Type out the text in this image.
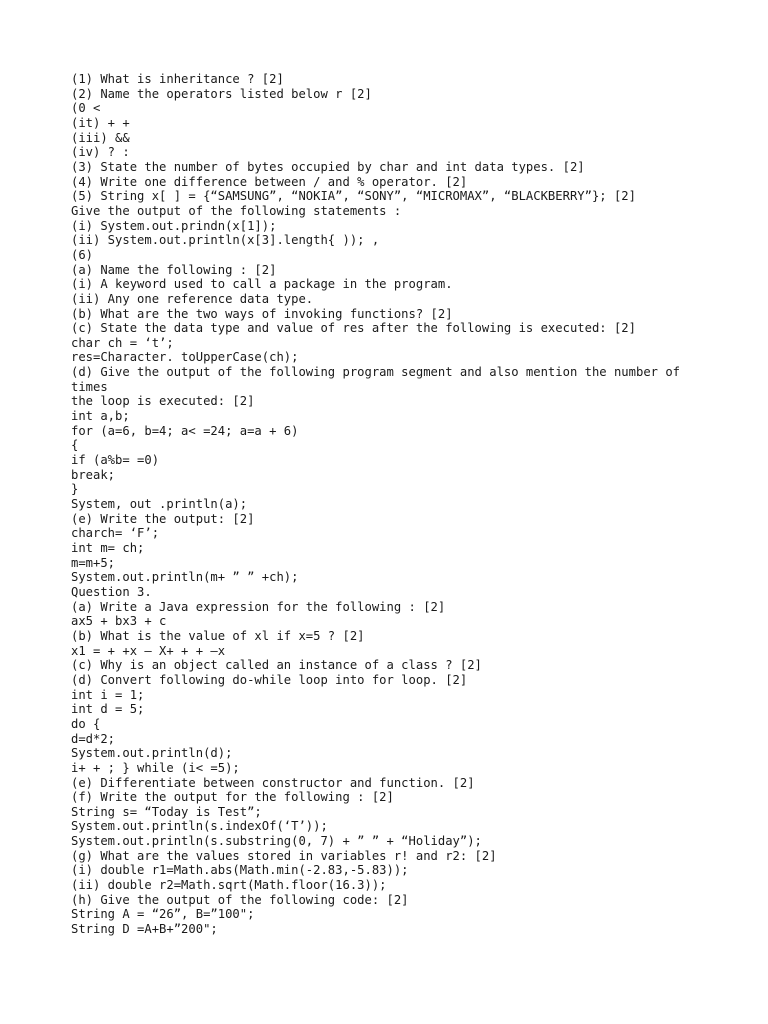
(1) What is inheritance ? [2]
(2) Name the operators listed below r [2]
(0 <
(it) + +
(iii) &&
(iv) ? :
(3) State the number of bytes occupied by char and int data types. [2]
(4) Write one difference between / and % operator. [2]
(5) String x[ ] = {“SAMSUNG”, “NOKIA”, “SONY”, “MICROMAX”, “BLACKBERRY”}; [2]
Give the output of the following statements :
(i) System.out.prindn(x[1]);
(ii) System.out.println(x[3].length{ )); ,
(6)
(a) Name the following : [2]
(i) A keyword used to call a package in the program.
(ii) Any one reference data type.
(b) What are the two ways of invoking functions? [2]
(c) State the data type and value of res after the following is executed: [2]
char ch = ‘t’;
res=Character. toUpperCase(ch);
(d) Give the output of the following program segment and also mention the number of
times
the loop is executed: [2]
int a,b;
for (a=6, b=4; a< =24; a=a + 6)
{
if (a%b= =0)
break;
}
System, out .println(a);
(e) Write the output: [2]
charch= ‘F’;
int m= ch;
m=m+5;
System.out.println(m+ ” ” +ch);
Question 3.
(a) Write a Java expression for the following : [2]
ax5 + bx3 + c
(b) What is the value of xl if x=5 ? [2]
x1 = + +x – X+ + + –x
(c) Why is an object called an instance of a class ? [2]
(d) Convert following do-while loop into for loop. [2]
int i = 1;
int d = 5;
do {
d=d*2;
System.out.println(d);
i+ + ; } while (i< =5);
(e) Differentiate between constructor and function. [2]
(f) Write the output for the following : [2]
String s= “Today is Test”;
System.out.println(s.indexOf(‘T’));
System.out.println(s.substring(0, 7) + ” ” + “Holiday”);
(g) What are the values stored in variables r! and r2: [2]
(i) double r1=Math.abs(Math.min(-2.83,-5.83));
(ii) double r2=Math.sqrt(Math.floor(16.3));
(h) Give the output of the following code: [2]
String A = “26”, B=”100";
String D =A+B+”200";
